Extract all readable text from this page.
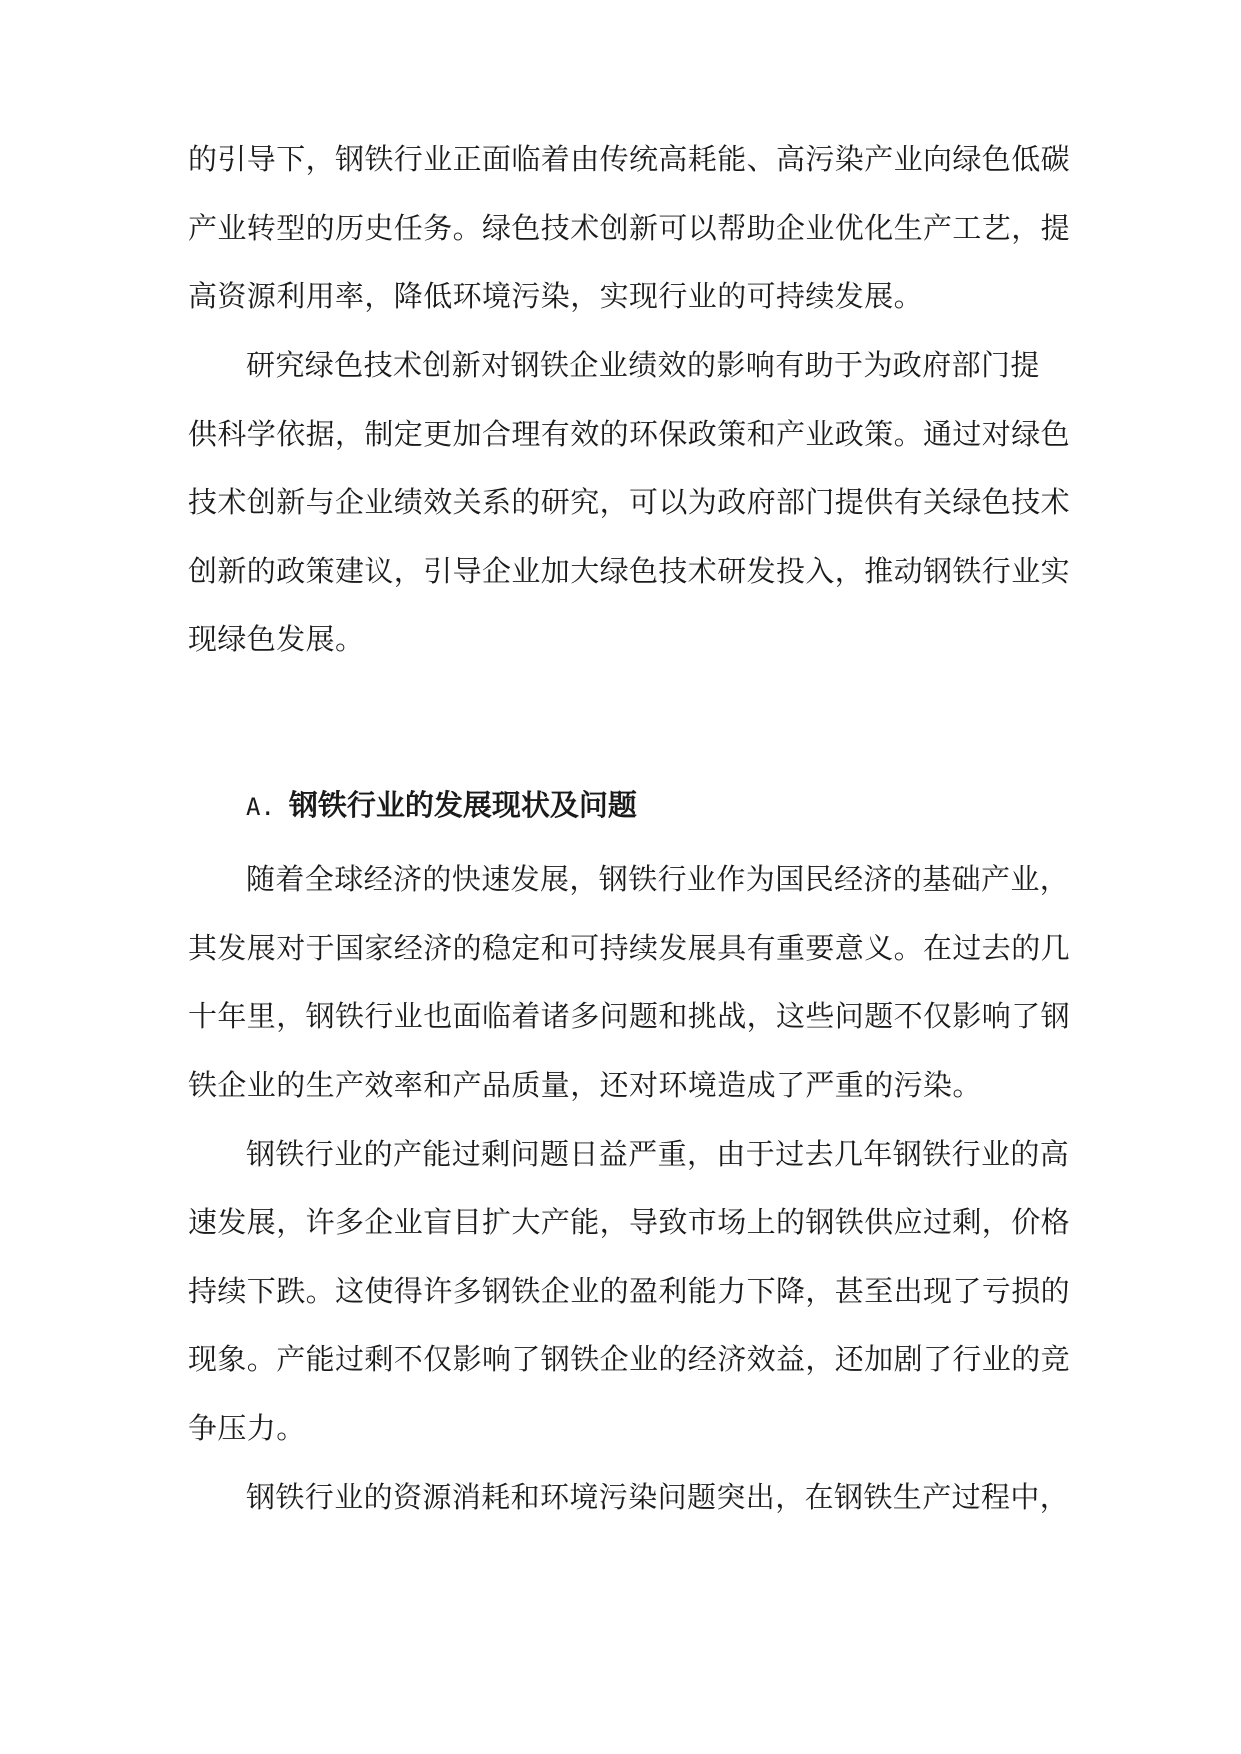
的引导下，钢铁行业正面临着由传统高耗能、高污染产业向绿色低碳

产业转型的历史任务。绿色技术创新可以帮助企业优化生产工艺，提

高资源利用率，降低环境污染，实现行业的可持续发展。

研究绿色技术创新对钢铁企业绩效的影响有助于为政府部门提

供科学依据，制定更加合理有效的环保政策和产业政策。通过对绿色

技术创新与企业绩效关系的研究，可以为政府部门提供有关绿色技术

创新的政策建议，引导企业加大绿色技术研发投入，推动钢铁行业实

现绿色发展。

A. 钢铁行业的发展现状及问题

随着全球经济的快速发展，钢铁行业作为国民经济的基础产业，

其发展对于国家经济的稳定和可持续发展具有重要意义。在过去的几

十年里，钢铁行业也面临着诸多问题和挑战，这些问题不仅影响了钢

铁企业的生产效率和产品质量，还对环境造成了严重的污染。

钢铁行业的产能过剩问题日益严重，由于过去几年钢铁行业的高

速发展，许多企业盲目扩大产能，导致市场上的钢铁供应过剩，价格

持续下跌。这使得许多钢铁企业的盈利能力下降，甚至出现了亏损的

现象。产能过剩不仅影响了钢铁企业的经济效益，还加剧了行业的竞

争压力。

钢铁行业的资源消耗和环境污染问题突出，在钢铁生产过程中，
